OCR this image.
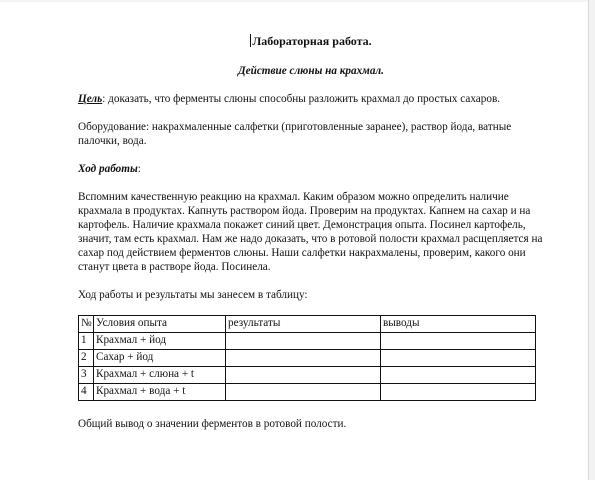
Лабораторная работа.

Действие слюны на крахмал.

Цель: доказать, что ферменты слюны способны разложить крахмал до простых сахаров.

Оборудование: накрахмаленные салфетки (приготовленные заранее), раствор йода, ватные палочки, вода.

Ход работы:

Вспомним качественную реакцию на крахмал. Каким образом можно определить наличие крахмала в продуктах. Капнуть раствором йода. Проверим на продуктах. Капнем на сахар и на картофель. Наличие крахмала покажет синий цвет. Демонстрация опыта. Посинел картофель, значит, там есть крахмал. Нам же надо доказать, что в ротовой полости крахмал расщепляется на сахар под действием ферментов слюны. Наши салфетки накрахмалены, проверим, какого они станут цвета в растворе йода. Посинела.

Ход работы и результаты мы занесем в таблицу:

№	Условия опыта	результаты	выводы
1	Крахмал + йод		
2	Сахар + йод		
3	Крахмал + слюна + t		
4	Крахмал + вода + t		

Общий вывод о значении ферментов в ротовой полости.
